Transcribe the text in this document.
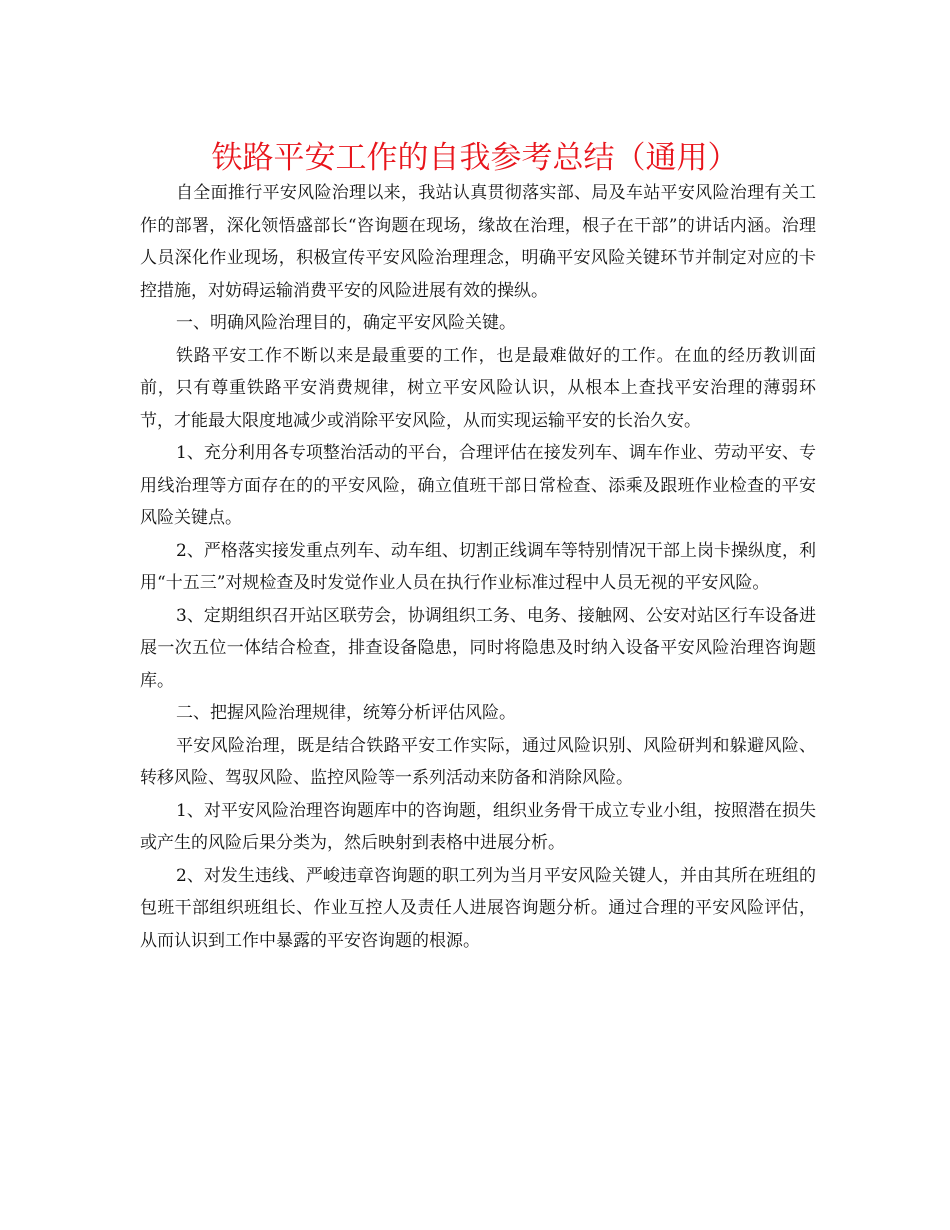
铁路平安工作的自我参考总结（通用）

自全面推行平安风险治理以来，我站认真贯彻落实部、局及车站平安风险治理有关工作的部署，深化领悟盛部长“咨询题在现场，缘故在治理，根子在干部”的讲话内涵。治理人员深化作业现场，积极宣传平安风险治理理念，明确平安风险关键环节并制定对应的卡控措施，对妨碍运输消费平安的风险进展有效的操纵。

一、明确风险治理目的，确定平安风险关键。

铁路平安工作不断以来是最重要的工作，也是最难做好的工作。在血的经历教训面前，只有尊重铁路平安消费规律，树立平安风险认识，从根本上查找平安治理的薄弱环节，才能最大限度地减少或消除平安风险，从而实现运输平安的长治久安。

1、充分利用各专项整治活动的平台，合理评估在接发列车、调车作业、劳动平安、专用线治理等方面存在的的平安风险，确立值班干部日常检查、添乘及跟班作业检查的平安风险关键点。

2、严格落实接发重点列车、动车组、切割正线调车等特别情况干部上岗卡操纵度，利用“十五三”对规检查及时发觉作业人员在执行作业标准过程中人员无视的平安风险。

3、定期组织召开站区联劳会，协调组织工务、电务、接触网、公安对站区行车设备进展一次五位一体结合检查，排查设备隐患，同时将隐患及时纳入设备平安风险治理咨询题库。

二、把握风险治理规律，统筹分析评估风险。

平安风险治理，既是结合铁路平安工作实际，通过风险识别、风险研判和躲避风险、转移风险、驾驭风险、监控风险等一系列活动来防备和消除风险。

1、对平安风险治理咨询题库中的咨询题，组织业务骨干成立专业小组，按照潜在损失或产生的风险后果分类为，然后映射到表格中进展分析。

2、对发生违线、严峻违章咨询题的职工列为当月平安风险关键人，并由其所在班组的包班干部组织班组长、作业互控人及责任人进展咨询题分析。通过合理的平安风险评估，从而认识到工作中暴露的平安咨询题的根源。
